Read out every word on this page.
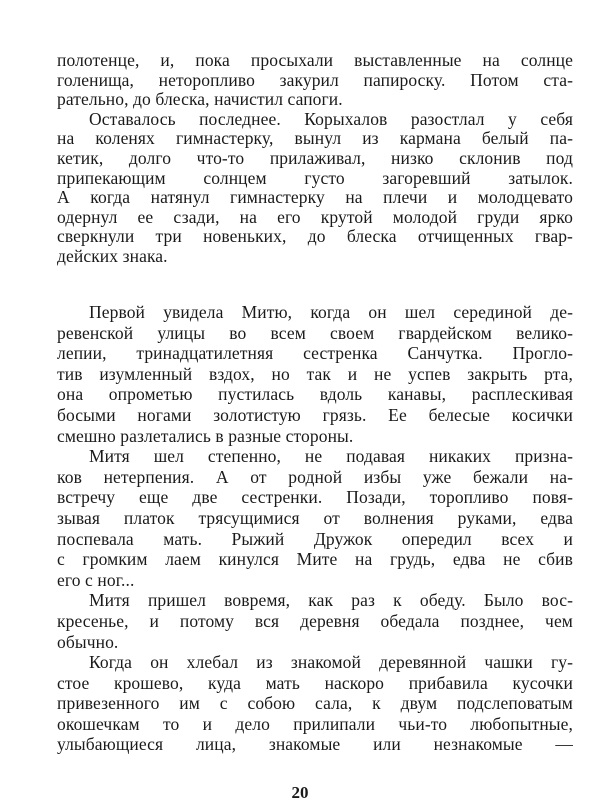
полотенце, и, пока просыхали выставленные на солнце
голенища, неторопливо закурил папироску. Потом ста-
рательно, до блеска, начистил сапоги.
Оставалось последнее. Корыхалов разостлал у себя
на коленях гимнастерку, вынул из кармана белый па-
кетик, долго что-то прилаживал, низко склонив под
припекающим солнцем густо загоревший затылок.
А когда натянул гимнастерку на плечи и молодцевато
одернул ее сзади, на его крутой молодой груди ярко
сверкнули три новеньких, до блеска отчищенных гвар-
дейских знака.
Первой увидела Митю, когда он шел серединой де-
ревенской улицы во всем своем гвардейском велико-
лепии, тринадцатилетняя сестренка Санчутка. Прогло-
тив изумленный вздох, но так и не успев закрыть рта,
она опрометью пустилась вдоль канавы, расплескивая
босыми ногами золотистую грязь. Ее белесые косички
смешно разлетались в разные стороны.
Митя шел степенно, не подавая никаких призна-
ков нетерпения. А от родной избы уже бежали на-
встречу еще две сестренки. Позади, торопливо повя-
зывая платок трясущимися от волнения руками, едва
поспевала мать. Рыжий Дружок опередил всех и
с громким лаем кинулся Мите на грудь, едва не сбив
его с ног...
Митя пришел вовремя, как раз к обеду. Было вос-
кресенье, и потому вся деревня обедала позднее, чем
обычно.
Когда он хлебал из знакомой деревянной чашки гу-
стое крошево, куда мать наскоро прибавила кусочки
привезенного им с собою сала, к двум подслеповатым
окошечкам то и дело прилипали чьи-то любопытные,
улыбающиеся лица, знакомые или незнакомые —
20
